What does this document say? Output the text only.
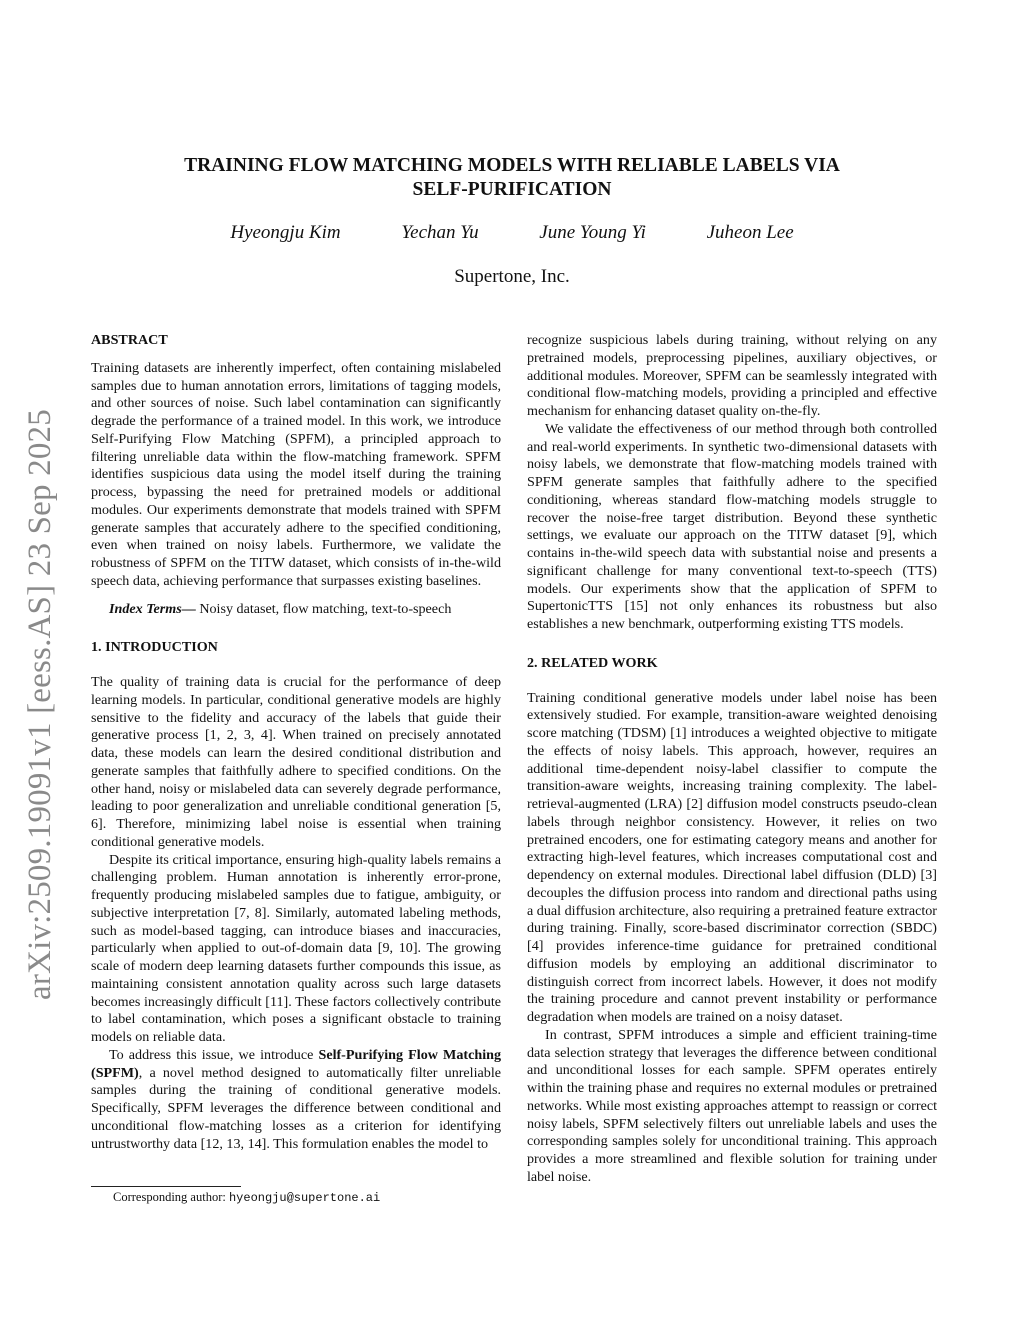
arXiv:2509.19091v1 [eess.AS] 23 Sep 2025
TRAINING FLOW MATCHING MODELS WITH RELIABLE LABELS VIA
SELF-PURIFICATION
Hyeongju Kim	Yechan Yu	June Young Yi	Juheon Lee
Supertone, Inc.

ABSTRACT

Training datasets are inherently imperfect, often containing mislabeled samples due to human annotation errors, limitations of tagging models, and other sources of noise. Such label contamination can significantly degrade the performance of a trained model. In this work, we introduce Self-Purifying Flow Matching (SPFM), a principled approach to filtering unreliable data within the flow-matching framework. SPFM identifies suspicious data using the model itself during the training process, bypassing the need for pretrained models or additional modules. Our experiments demonstrate that models trained with SPFM generate samples that accurately adhere to the specified conditioning, even when trained on noisy labels. Furthermore, we validate the robustness of SPFM on the TITW dataset, which consists of in-the-wild speech data, achieving performance that surpasses existing baselines.

Index Terms— Noisy dataset, flow matching, text-to-speech

1. INTRODUCTION

The quality of training data is crucial for the performance of deep learning models. In particular, conditional generative models are highly sensitive to the fidelity and accuracy of the labels that guide their generative process [1, 2, 3, 4]. When trained on precisely annotated data, these models can learn the desired conditional distribution and generate samples that faithfully adhere to specified conditions. On the other hand, noisy or mislabeled data can severely degrade performance, leading to poor generalization and unreliable conditional generation [5, 6]. Therefore, minimizing label noise is essential when training conditional generative models.

Despite its critical importance, ensuring high-quality labels remains a challenging problem. Human annotation is inherently error-prone, frequently producing mislabeled samples due to fatigue, ambiguity, or subjective interpretation [7, 8]. Similarly, automated labeling methods, such as model-based tagging, can introduce biases and inaccuracies, particularly when applied to out-of-domain data [9, 10]. The growing scale of modern deep learning datasets further compounds this issue, as maintaining consistent annotation quality across such large datasets becomes increasingly difficult [11]. These factors collectively contribute to label contamination, which poses a significant obstacle to training models on reliable data.

To address this issue, we introduce Self-Purifying Flow Matching (SPFM), a novel method designed to automatically filter unreliable samples during the training of conditional generative models. Specifically, SPFM leverages the difference between conditional and unconditional flow-matching losses as a criterion for identifying untrustworthy data [12, 13, 14]. This formulation enables the model to

recognize suspicious labels during training, without relying on any pretrained models, preprocessing pipelines, auxiliary objectives, or additional modules. Moreover, SPFM can be seamlessly integrated with conditional flow-matching models, providing a principled and effective mechanism for enhancing dataset quality on-the-fly.

We validate the effectiveness of our method through both controlled and real-world experiments. In synthetic two-dimensional datasets with noisy labels, we demonstrate that flow-matching models trained with SPFM generate samples that faithfully adhere to the specified conditioning, whereas standard flow-matching models struggle to recover the noise-free target distribution. Beyond these synthetic settings, we evaluate our approach on the TITW dataset [9], which contains in-the-wild speech data with substantial noise and presents a significant challenge for many conventional text-to-speech (TTS) models. Our experiments show that the application of SPFM to SupertonicTTS [15] not only enhances its robustness but also establishes a new benchmark, outperforming existing TTS models.

2. RELATED WORK

Training conditional generative models under label noise has been extensively studied. For example, transition-aware weighted denoising score matching (TDSM) [1] introduces a weighted objective to mitigate the effects of noisy labels. This approach, however, requires an additional time-dependent noisy-label classifier to compute the transition-aware weights, increasing training complexity. The label-retrieval-augmented (LRA) [2] diffusion model constructs pseudo-clean labels through neighbor consistency. However, it relies on two pretrained encoders, one for estimating category means and another for extracting high-level features, which increases computational cost and dependency on external modules. Directional label diffusion (DLD) [3] decouples the diffusion process into random and directional paths using a dual diffusion architecture, also requiring a pretrained feature extractor during training. Finally, score-based discriminator correction (SBDC) [4] provides inference-time guidance for pretrained conditional diffusion models by employing an additional discriminator to distinguish correct from incorrect labels. However, it does not modify the training procedure and cannot prevent instability or performance degradation when models are trained on a noisy dataset.

In contrast, SPFM introduces a simple and efficient training-time data selection strategy that leverages the difference between conditional and unconditional losses for each sample. SPFM operates entirely within the training phase and requires no external modules or pretrained networks. While most existing approaches attempt to reassign or correct noisy labels, SPFM selectively filters out unreliable labels and uses the corresponding samples solely for unconditional training. This approach provides a more streamlined and flexible solution for training under label noise.

Corresponding author: hyeongju@supertone.ai
